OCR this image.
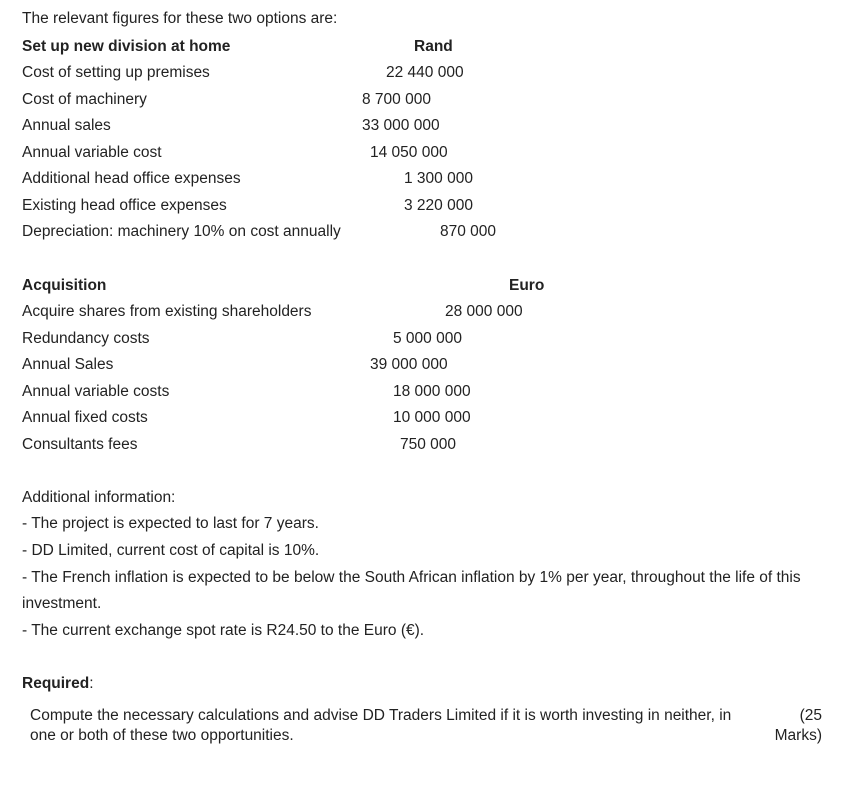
The relevant figures for these two options are:
Set up new division at home	Rand
Cost of setting up premises	22 440 000
Cost of machinery	8 700 000
Annual sales	33 000 000
Annual variable cost	14 050 000
Additional head office expenses	1 300 000
Existing head office expenses	3 220 000
Depreciation: machinery 10% on cost annually	870 000
Acquisition	Euro
Acquire shares from existing shareholders	28 000 000
Redundancy costs	5 000 000
Annual Sales	39 000 000
Annual variable costs	18 000 000
Annual fixed costs	10 000 000
Consultants fees	750 000
Additional information:
- The project is expected to last for 7 years.
- DD Limited, current cost of capital is 10%.
- The French inflation is expected to be below the South African inflation by 1% per year, throughout the life of this investment.
- The current exchange spot rate is R24.50 to the Euro (€).
Required:
Compute the necessary calculations and advise DD Traders Limited if it is worth investing in neither, in one or both of these two opportunities.
(25 Marks)
